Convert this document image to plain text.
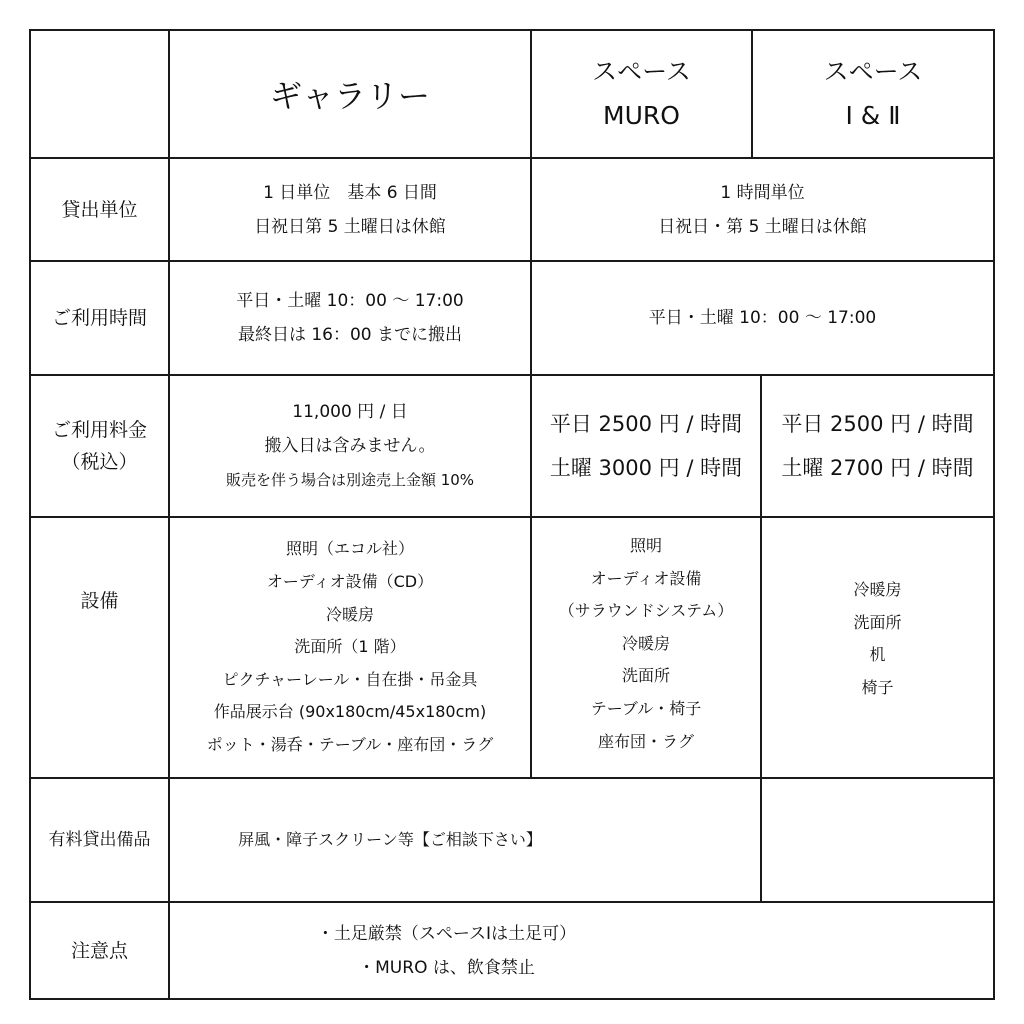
ギャラリー
スペース
MURO
スペース
Ⅰ & Ⅱ
貸出単位
1 日単位　基本 6 日間
日祝日第 5 土曜日は休館
1 時間単位
日祝日・第 5 土曜日は休館
ご利用時間
平日・土曜 10：00 〜 17:00
最終日は 16：00 までに搬出
平日・土曜 10：00 〜 17:00
ご利用料金
（税込）
11,000 円 / 日
搬入日は含みません。
販売を伴う場合は別途売上金額 10%
平日 2500 円 / 時間
土曜 3000 円 / 時間
平日 2500 円 / 時間
土曜 2700 円 / 時間
設備
照明（エコル社）
オーディオ設備（CD）
冷暖房
洗面所（1 階）
ピクチャーレール・自在掛・吊金具
作品展示台 (90x180cm/45x180cm)
ポット・湯呑・テーブル・座布団・ラグ
照明
オーディオ設備
（サラウンドシステム）
冷暖房
洗面所
テーブル・椅子
座布団・ラグ
冷暖房
洗面所
机
椅子
有料貸出備品	屏風・障子スクリーン等【ご相談下さい】
注意点
・土足厳禁（スペースⅠは土足可）
・MURO は、飲食禁止
